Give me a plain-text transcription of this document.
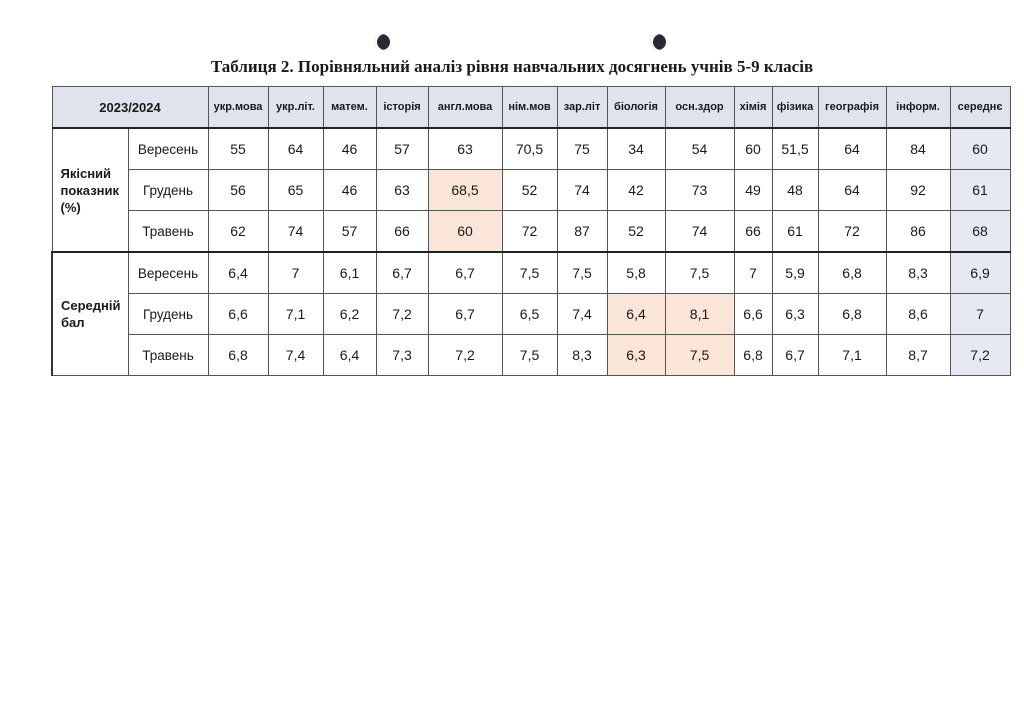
Таблиця 2. Порівняльний аналіз рівня навчальних досягнень учнів 5-9 класів
2023/2024		укр.мова	укр.літ.	матем.	історія	англ.мова	нім.мов	зар.літ	біологія	осн.здор	хімія	фізика	географія	інформ.	середнє
Якісний показник (%)	Вересень	55	64	46	57	63	70,5	75	34	54	60	51,5	64	84	60
	Грудень	56	65	46	63	68,5	52	74	42	73	49	48	64	92	61
	Травень	62	74	57	66	60	72	87	52	74	66	61	72	86	68
Середній бал	Вересень	6,4	7	6,1	6,7	6,7	7,5	7,5	5,8	7,5	7	5,9	6,8	8,3	6,9
	Грудень	6,6	7,1	6,2	7,2	6,7	6,5	7,4	6,4	8,1	6,6	6,3	6,8	8,6	7
	Травень	6,8	7,4	6,4	7,3	7,2	7,5	8,3	6,3	7,5	6,8	6,7	7,1	8,7	7,2
